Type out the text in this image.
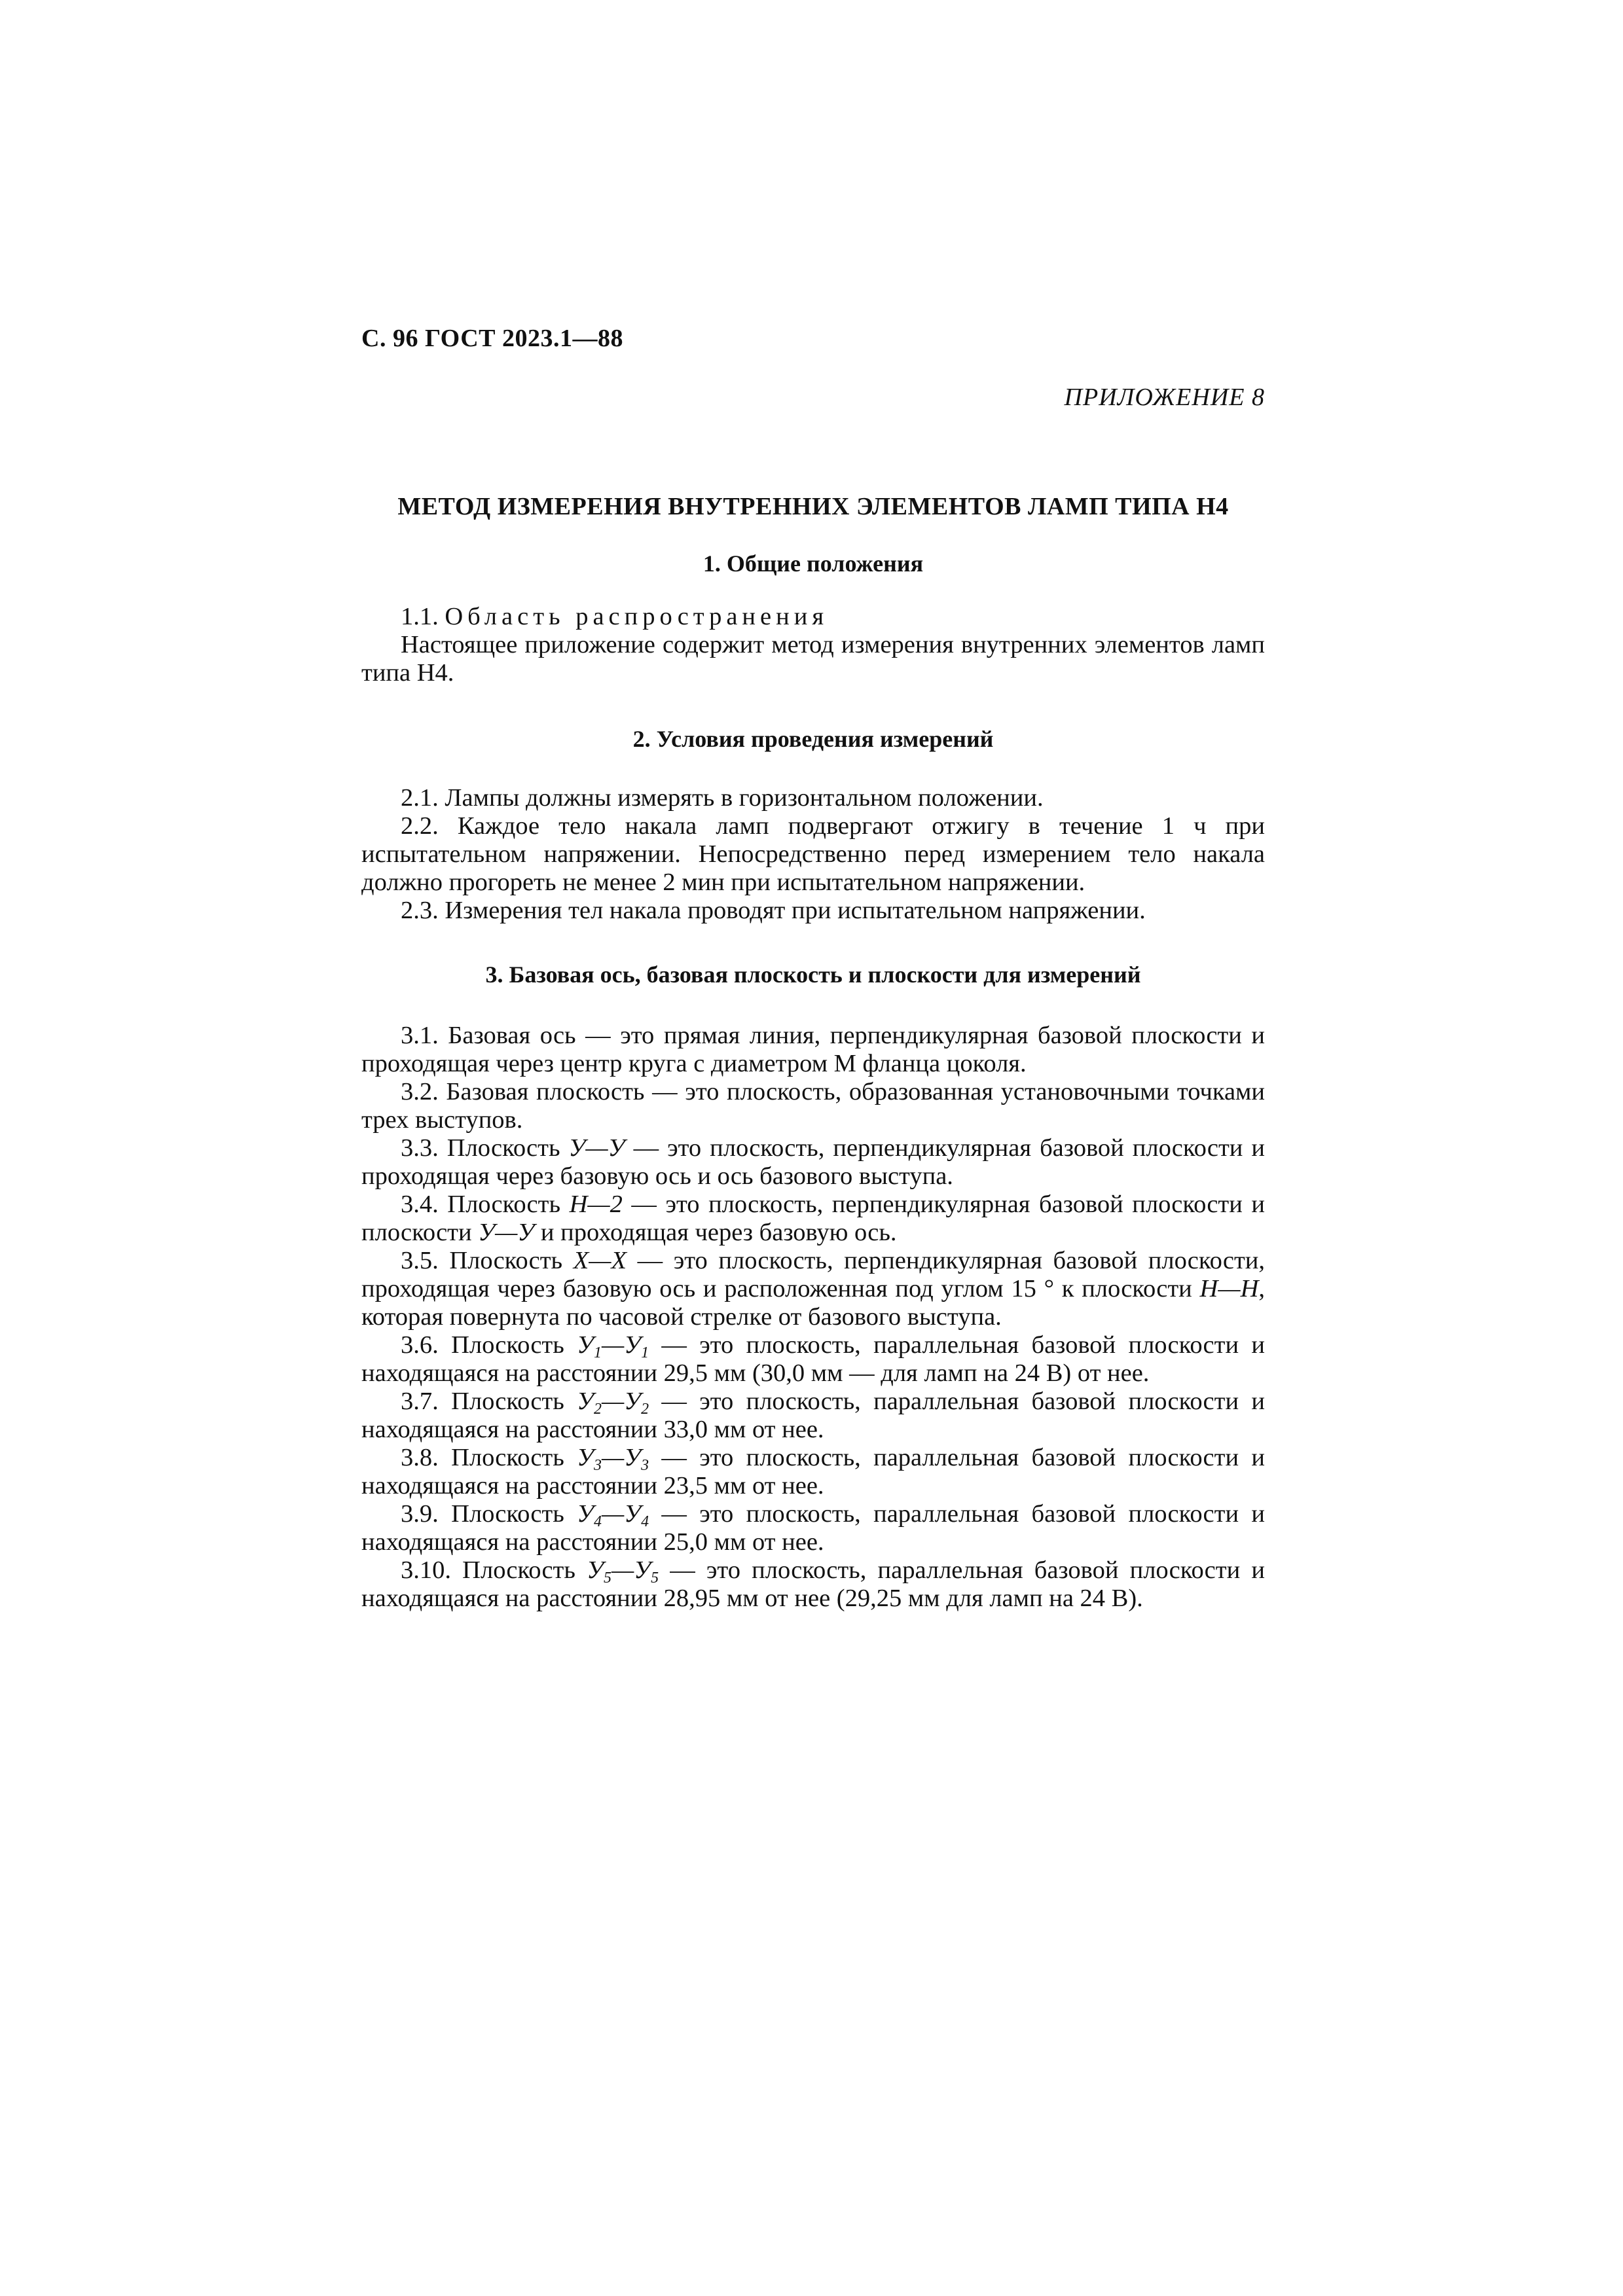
С. 96 ГОСТ 2023.1—88
ПРИЛОЖЕНИЕ 8
МЕТОД ИЗМЕРЕНИЯ ВНУТРЕННИХ ЭЛЕМЕНТОВ ЛАМП ТИПА Н4
1. Общие положения

1.1. Область распространения

Настоящее приложение содержит метод измерения внутренних элементов ламп типа Н4.

2. Условия проведения измерений

2.1. Лампы должны измерять в горизонтальном положении.

2.2. Каждое тело накала ламп подвергают отжигу в течение 1 ч при испытательном напряжении. Непосредственно перед измерением тело накала должно прогореть не менее 2 мин при испытательном напряжении.

2.3. Измерения тел накала проводят при испытательном напряжении.

3. Базовая ось, базовая плоскость и плоскости для измерений

3.1. Базовая ось — это прямая линия, перпендикулярная базовой плоскости и проходящая через центр круга с диаметром М фланца цоколя.

3.2. Базовая плоскость — это плоскость, образованная установочными точками трех выступов.

3.3. Плоскость У—У — это плоскость, перпендикулярная базовой плоскости и проходящая через базовую ось и ось базового выступа.

3.4. Плоскость Н—2 — это плоскость, перпендикулярная базовой плоскости и плоскости У—У и проходящая через базовую ось.

3.5. Плоскость Х—Х — это плоскость, перпендикулярная базовой плоскости, проходящая через базовую ось и расположенная под углом 15 ° к плоскости Н—Н, которая повернута по часовой стрелке от базового выступа.

3.6. Плоскость $У_1—У_1$ — это плоскость, параллельная базовой плоскости и находящаяся на расстоянии 29,5 мм (30,0 мм — для ламп на 24 В) от нее.

3.7. Плоскость $У_2—У_2$ — это плоскость, параллельная базовой плоскости и находящаяся на расстоянии 33,0 мм от нее.

3.8. Плоскость $У_3—У_3$ — это плоскость, параллельная базовой плоскости и находящаяся на расстоянии 23,5 мм от нее.

3.9. Плоскость $У_4—У_4$ — это плоскость, параллельная базовой плоскости и находящаяся на расстоянии 25,0 мм от нее.

3.10. Плоскость $У_5—У_5$ — это плоскость, параллельная базовой плоскости и находящаяся на расстоянии 28,95 мм от нее (29,25 мм для ламп на 24 В).
